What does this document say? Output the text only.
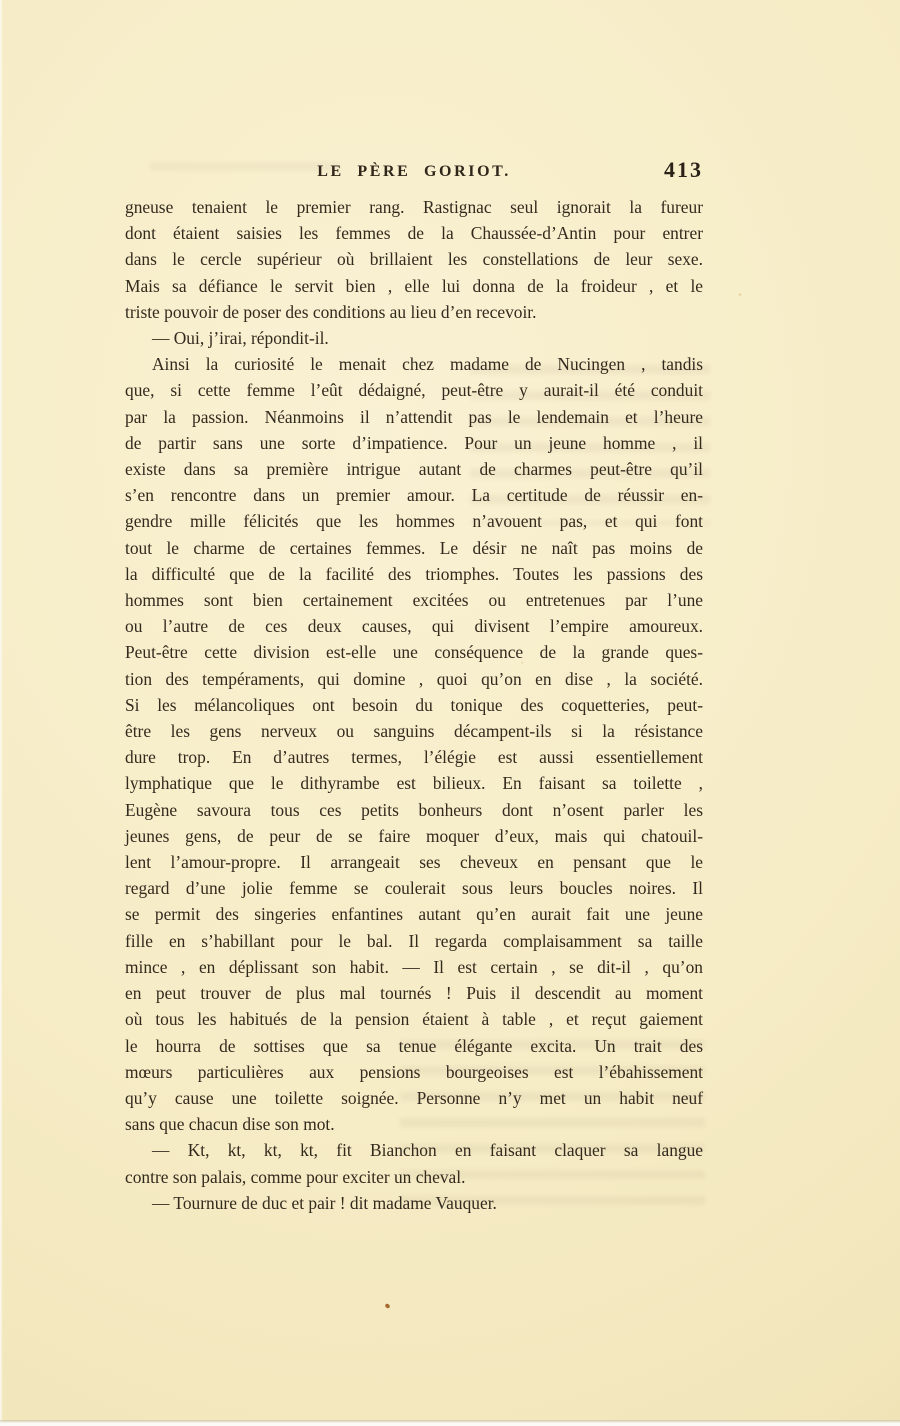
LE PÈRE GORIOT.	413
gneuse tenaient le premier rang. Rastignac seul ignorait la fureur
dont étaient saisies les femmes de la Chaussée-d’Antin pour entrer
dans le cercle supérieur où brillaient les constellations de leur sexe.
Mais sa défiance le servit bien , elle lui donna de la froideur , et le
triste pouvoir de poser des conditions au lieu d’en recevoir.
— Oui, j’irai, répondit-il.
Ainsi la curiosité le menait chez madame de Nucingen , tandis
que, si cette femme l’eût dédaigné, peut-être y aurait-il été conduit
par la passion. Néanmoins il n’attendit pas le lendemain et l’heure
de partir sans une sorte d’impatience. Pour un jeune homme , il
existe dans sa première intrigue autant de charmes peut-être qu’il
s’en rencontre dans un premier amour. La certitude de réussir en-
gendre mille félicités que les hommes n’avouent pas, et qui font
tout le charme de certaines femmes. Le désir ne naît pas moins de
la difficulté que de la facilité des triomphes. Toutes les passions des
hommes sont bien certainement excitées ou entretenues par l’une
ou l’autre de ces deux causes, qui divisent l’empire amoureux.
Peut-être cette division est-elle une conséquence de la grande ques-
tion des tempéraments, qui domine , quoi qu’on en dise , la société.
Si les mélancoliques ont besoin du tonique des coquetteries, peut-
être les gens nerveux ou sanguins décampent-ils si la résistance
dure trop. En d’autres termes, l’élégie est aussi essentiellement
lymphatique que le dithyrambe est bilieux. En faisant sa toilette ,
Eugène savoura tous ces petits bonheurs dont n’osent parler les
jeunes gens, de peur de se faire moquer d’eux, mais qui chatouil-
lent l’amour-propre. Il arrangeait ses cheveux en pensant que le
regard d’une jolie femme se coulerait sous leurs boucles noires. Il
se permit des singeries enfantines autant qu’en aurait fait une jeune
fille en s’habillant pour le bal. Il regarda complaisamment sa taille
mince , en déplissant son habit. — Il est certain , se dit-il , qu’on
en peut trouver de plus mal tournés ! Puis il descendit au moment
où tous les habitués de la pension étaient à table , et reçut gaiement
le hourra de sottises que sa tenue élégante excita. Un trait des
mœurs particulières aux pensions bourgeoises est l’ébahissement
qu’y cause une toilette soignée. Personne n’y met un habit neuf
sans que chacun dise son mot.
— Kt, kt, kt, kt, fit Bianchon en faisant claquer sa langue
contre son palais, comme pour exciter un cheval.
— Tournure de duc et pair ! dit madame Vauquer.
